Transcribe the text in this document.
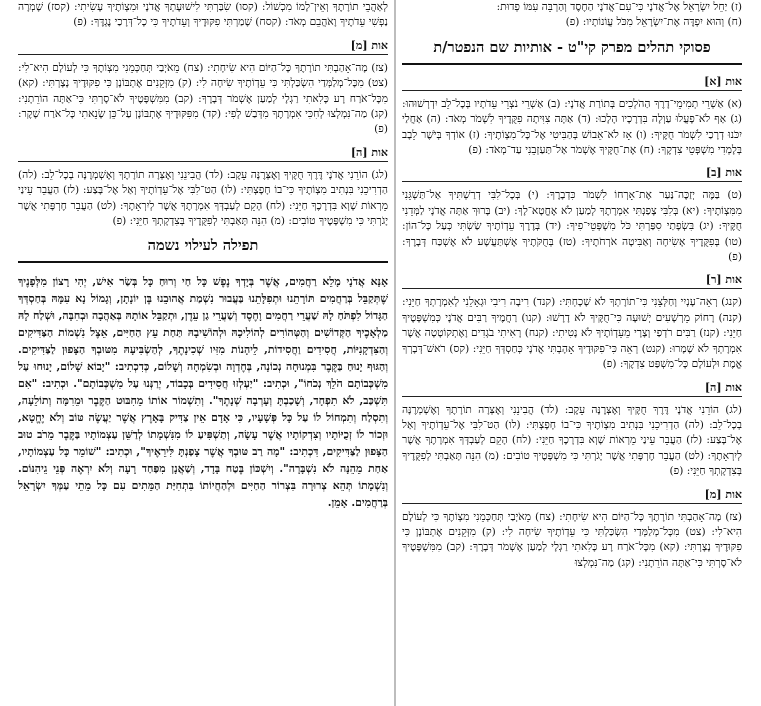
(ז) יַחֵל יִשְׂרָאֵל אֶל־אֲדֹנָי כִּי־עִם־אֲדֹנָי הַחֶסֶד וְהַרְבֵּה עִמּוֹ פְדוּת:

(ח) וְהוּא יִפְדֶּה אֶת־יִשְׂרָאֵל מִכֹּל עֲוֹנוֹתָיו: (פ)

פסוקי תהלים מפרק קי"ט - אותיות שם הנפטר/ת
אות [א]

(א) אַשְׁרֵי תְמִימֵי־דָרֶךְ הַהֹלְכִים בְּתוֹרַת אֲדֹנָי: (ב) אַשְׁרֵי נֹצְרֵי עֵדֹתָיו בְּכָל־לֵב יִדְרְשׁוּהוּ: (ג) אַף לֹא־פָעֲלוּ עַוְלָה בִּדְרָכָיו הָלָכוּ: (ד) אַתָּה צִוִּיתָה פִקֻּדֶיךָ לִשְׁמֹר מְאֹד: (ה) אַחֲלַי יִכֹּנוּ דְרָכַי לִשְׁמֹר חֻקֶּיךָ: (ו) אָז לֹא־אֵבוֹשׁ בְּהַבִּיטִי אֶל־כָּל־מִצְוֹתֶיךָ: (ז) אוֹדְךָ בְּיֹשֶׁר לֵבָב בְּלָמְדִי מִשְׁפְּטֵי צִדְקֶךָ: (ח) אֶת־חֻקֶּיךָ אֶשְׁמֹר אַל־תַּעַזְבֵנִי עַד־מְאֹד: (פ)

אות [ב]

(ט) בַּמֶּה יְזַכֶּה־נַּעַר אֶת־אָרְחוֹ לִשְׁמֹר כִּדְבָרֶךָ: (י) בְּכָל־לִבִּי דְרַשְׁתִּיךָ אַל־תַּשְׁגֵּנִי מִמִּצְוֹתֶיךָ: (יא) בְּלִבִּי צָפַנְתִּי אִמְרָתֶךָ לְמַעַן לֹא אֶחֱטָא־לָךְ: (יב) בָּרוּךְ אַתָּה אֲדֹנָי לַמְּדֵנִי חֻקֶּיךָ: (יג) בִּשְׂפָתַי סִפַּרְתִּי כֹּל מִשְׁפְּטֵי־פִיךָ: (יד) בְּדֶרֶךְ עֵדְוֹתֶיךָ שַׂשְׂתִּי כְּעַל כָּל־הוֹן: (טו) בְּפִקֻּדֶיךָ אָשִׂיחָה וְאַבִּיטָה אֹרְחֹתֶיךָ: (טז) בְּחֻקֹּתֶיךָ אֶשְׁתַּעֲשָׁע לֹא אֶשְׁכַּח דְּבָרֶךָ: (פ)

אות [ר]

(קנג) רְאֵה־עָנְיִי וְחַלְּצֵנִי כִּי־תוֹרָתְךָ לֹא שָׁכָחְתִּי: (קנד) רִיבָה רִיבִי וּגְאָלֵנִי לְאִמְרָתְךָ חַיֵּנִי: (קנה) רָחוֹק מֵרְשָׁעִים יְשׁוּעָה כִּי־חֻקֶּיךָ לֹא דָרָשׁוּ: (קנו) רַחֲמֶיךָ רַבִּים אֲדֹנָי כְּמִשְׁפָּטֶיךָ חַיֵּנִי: (קנז) רַבִּים רֹדְפַי וְצָרָי מֵעֵדְוֹתֶיךָ לֹא נָטִיתִי: (קנח) רָאִיתִי בֹגְדִים וָאֶתְקוֹטָטָה אֲשֶׁר אִמְרָתְךָ לֹא שָׁמָרוּ: (קנט) רְאֵה כִּי־פִקּוּדֶיךָ אָהָבְתִּי אֲדֹנָי כְּחַסְדְּךָ חַיֵּנִי: (קס) רֹאשׁ־דְּבָרְךָ אֱמֶת וּלְעוֹלָם כָּל־מִשְׁפַּט צִדְקֶךָ: (פ)

אות [ה]

(לג) הוֹרֵנִי אֲדֹנָי דֶּרֶךְ חֻקֶּיךָ וְאֶצְּרֶנָּה עֵקֶב: (לד) הֲבִינֵנִי וְאֶצְּרָה תוֹרָתֶךָ וְאֶשְׁמְרֶנָּה בְכָל־לֵב: (לה) הַדְרִיכֵנִי בִּנְתִיב מִצְוֹתֶיךָ כִּי־בוֹ חָפָצְתִּי: (לו) הַט־לִבִּי אֶל־עֵדְוֹתֶיךָ וְאַל אֶל־בָּצַע: (לז) הַעֲבֵר עֵינַי מֵרְאוֹת שָׁוְא בִּדְרָכֶךָ חַיֵּנִי: (לח) הָקֵם לְעַבְדְּךָ אִמְרָתֶךָ אֲשֶׁר לְיִרְאָתֶךָ: (לט) הַעֲבֵר חֶרְפָּתִי אֲשֶׁר יָגֹרְתִּי כִּי מִשְׁפָּטֶיךָ טוֹבִים: (מ) הִנֵּה תָּאַבְתִּי לְפִקֻּדֶיךָ בְּצִדְקָתְךָ חַיֵּנִי: (פ)

אות [מ]

(צז) מָה־אָהַבְתִּי תוֹרָתֶךָ כָּל־הַיּוֹם הִיא שִׂיחָתִי: (צח) מֵאֹיְבַי תְּחַכְּמֵנִי מִצְוֹתֶךָ כִּי לְעוֹלָם הִיא־לִי: (צט) מִכָּל־מְלַמְּדַי הִשְׂכַּלְתִּי כִּי עֵדְוֹתֶיךָ שִׂיחָה לִי: (ק) מִזְּקֵנִים אֶתְבּוֹנָן כִּי פִקּוּדֶיךָ נָצָרְתִּי: (קא) מִכָּל־אֹרַח רָע כָּלִאתִי רַגְלָי לְמַעַן אֶשְׁמֹר דְּבָרֶךָ: (קב) מִמִּשְׁפָּטֶיךָ לֹא־סָרְתִּי כִּי־אַתָּה הוֹרֵתָנִי: (קג) מַה־נִּמְלְצוּ

לְאַהֲבֵי תוֹרָתֶךָ וְאֵין־לָמוֹ מִכְשׁוֹל: (קסו) שִׂבַּרְתִּי לִישׁוּעָתְךָ אֲדֹנָי וּמִצְוֹתֶיךָ עָשִׂיתִי: (קסז) שָׁמְרָה נַפְשִׁי עֵדֹתֶיךָ וָאֹהֲבֵם מְאֹד: (קסח) שָׁמַרְתִּי פִקּוּדֶיךָ וְעֵדֹתֶיךָ כִּי כָל־דְּרָכַי נֶגְדֶּךָ: (פ)

אות [מ]

(צז) מָה־אָהַבְתִּי תוֹרָתֶךָ כָּל־הַיּוֹם הִיא שִׂיחָתִי: (צח) מֵאֹיְבַי תְּחַכְּמֵנִי מִצְוֹתֶךָ כִּי לְעוֹלָם הִיא־לִי: (צט) מִכָּל־מְלַמְּדַי הִשְׂכַּלְתִּי כִּי עֵדְוֹתֶיךָ שִׂיחָה לִי: (ק) מִזְּקֵנִים אֶתְבּוֹנָן כִּי פִקּוּדֶיךָ נָצָרְתִּי: (קא) מִכָּל־אֹרַח רָע כָּלִאתִי רַגְלָי לְמַעַן אֶשְׁמֹר דְּבָרֶךָ: (קב) מִמִּשְׁפָּטֶיךָ לֹא־סָרְתִּי כִּי־אַתָּה הוֹרֵתָנִי: (קג) מַה־נִּמְלְצוּ לְחִכִּי אִמְרָתֶךָ מִדְּבַשׁ לְפִי: (קד) מִפִּקּוּדֶיךָ אֶתְבּוֹנָן עַל־כֵּן שָׂנֵאתִי כָּל־אֹרַח שָׁקֶר: (פ)

אות [ה]

(לג) הוֹרֵנִי אֲדֹנָי דֶּרֶךְ חֻקֶּיךָ וְאֶצְּרֶנָּה עֵקֶב: (לד) הֲבִינֵנִי וְאֶצְּרָה תוֹרָתֶךָ וְאֶשְׁמְרֶנָּה בְכָל־לֵב: (לה) הַדְרִיכֵנִי בִּנְתִיב מִצְוֹתֶיךָ כִּי־בוֹ חָפָצְתִּי: (לו) הַט־לִבִּי אֶל־עֵדְוֹתֶיךָ וְאַל אֶל־בָּצַע: (לז) הַעֲבֵר עֵינַי מֵרְאוֹת שָׁוְא בִּדְרָכֶךָ חַיֵּנִי: (לח) הָקֵם לְעַבְדְּךָ אִמְרָתֶךָ אֲשֶׁר לְיִרְאָתֶךָ: (לט) הַעֲבֵר חֶרְפָּתִי אֲשֶׁר יָגֹרְתִּי כִּי מִשְׁפָּטֶיךָ טוֹבִים: (מ) הִנֵּה תָּאַבְתִּי לְפִקֻּדֶיךָ בְּצִדְקָתְךָ חַיֵּנִי: (פ)

תפילה לעילוי נשמה

אָנָּא אֲדֹנָי מָלֵא רַחֲמִים, אֲשֶׁר בְּיָדְךָ נֶפֶשׁ כָּל חַי וְרוּחַ כָּל בְּשַׂר אִישׁ, יְהִי רָצוֹן מִלְּפָנֶיךָ שֶׁתְּקַבֵּל בְּרַחֲמִים תּוֹרָתֵנוּ וּתְפִלָּתֵנוּ בַּעֲבוּר נִשְׁמַת אֲהוּבֵנוּ בֶּן יוֹנָתָן, וְגָמוֹל נָא עִמָּהּ בְּחַסְדְּךָ הַגָּדוֹל לִפְתֹּחַ לָהּ שַׁעֲרֵי רַחֲמִים וָחֶסֶד וְשַׁעֲרֵי גַן עֵדֶן, וּתְקַבֵּל אוֹתָהּ בְּאַהֲבָה וּבְחִבָּה, וּשְׁלַח לָהּ מַלְאָכֶיךָ הַקְּדוֹשִׁים וְהַטְּהוֹרִים לְהוֹלִיכָהּ וּלְהוֹשִׁיבָהּ תַּחַת עֵץ הַחַיִּים, אֵצֶל נִשְׁמוֹת הַצַּדִּיקִים וְהַצִּדְקָנִיּוֹת, חֲסִידִים וַחֲסִידוֹת, לֵיהָנוֹת מִזִּיו שְׁכִינָתֶךָ, לְהַשְׂבִּיעָהּ מִטּוּבְךָ הַצָּפוּן לַצַּדִּיקִים. וְהַגּוּף יָנוּחַ בַּקֶּבֶר בִּמְנוּחָה נְכוֹנָה, בְּחֶדְוָה וּבְשִׂמְחָה וְשָׁלוֹם, כְּדִכְתִיב: "יָבוֹא שָׁלוֹם, יָנוּחוּ עַל מִשְׁכְּבוֹתָם הֹלֵךְ נְכֹחוֹ", וּכְתִיב: "יַעְלְזוּ חֲסִידִים בְּכָבוֹד, יְרַנְּנוּ עַל מִשְׁכְּבוֹתָם". וּכְתִיב: "אִם תִּשְׁכַּב, לֹא תִפְחָד, וְשָׁכַבְתָּ וְעָרְבָה שְׁנָתֶךָ". וְתִשְׁמוֹר אוֹתוֹ מֵחִבּוּט הַקֶּבֶר וּמֵרִמָּה וְתוֹלֵעָה, וְתִסְלַח וְתִמְחוֹל לוֹ עַל כָּל פְּשָׁעָיו, כִּי אָדָם אֵין צַדִּיק בָּאָרֶץ אֲשֶׁר יַעֲשֶׂה טּוֹב וְלֹא יֶחֱטָא, וּזְכוֹר לוֹ זְכֻיּוֹתָיו וְצִדְקוֹתָיו אֲשֶׁר עָשָׂה, וְתַשְׁפִּיעַ לוֹ מִנִּשְׁמָתוֹ לְדַשֵּׁן עַצְמוֹתָיו בַּקֶּבֶר מֵרֹב טוּב הַצָּפוּן לַצַּדִּיקִים, דִּכְתִיב: "מָה רַב טּוּבְךָ אֲשֶׁר צָפַנְתָּ לִּירֵאֶיךָ", וּכְתִיב: "שׁוֹמֵר כָּל עַצְמוֹתָיו, אַחַת מֵהֵנָּה לֹא נִשְׁבָּרָה". וְיִשְׁכּוֹן בֶּטַח בָּדָד, וְשַׁאֲנָן מִפַּחַד רָעָה וְלֹא יִרְאֶה פְּנֵי גֵיהִנּוֹם. וְנִשְׁמָתוֹ תְּהֵא צְרוּרָה בִּצְרוֹר הַחַיִּים וּלְהַחֲיוֹתוֹ בִּתְחִיַּת הַמֵּתִים עִם כָּל מֵתֵי עַמְּךָ יִשְׂרָאֵל בְּרַחֲמִים. אָמֵן.
